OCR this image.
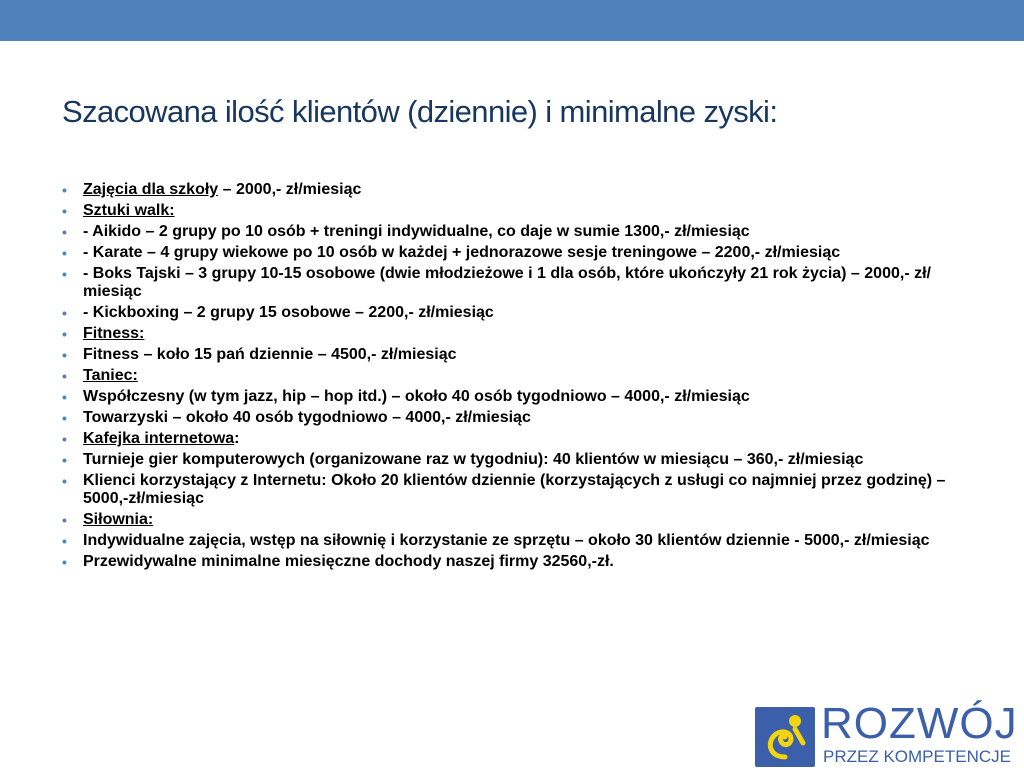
Szacowana ilość klientów (dziennie) i minimalne zyski:
•	Zajęcia dla szkoły – 2000,- zł/miesiąc
•	Sztuki walk:
•	- Aikido – 2 grupy po 10 osób + treningi indywidualne, co daje w sumie 1300,- zł/miesiąc
•	- Karate – 4 grupy wiekowe po 10 osób w każdej + jednorazowe sesje treningowe – 2200,- zł/miesiąc
•	- Boks Tajski – 3 grupy 10-15 osobowe (dwie młodzieżowe i 1 dla osób, które ukończyły 21 rok życia) – 2000,- zł/ miesiąc
•	- Kickboxing – 2 grupy 15 osobowe – 2200,- zł/miesiąc
•	Fitness:
•	Fitness – koło 15 pań dziennie – 4500,- zł/miesiąc
•	Taniec:
•	Współczesny (w tym jazz, hip – hop itd.) – około 40 osób tygodniowo – 4000,- zł/miesiąc
•	Towarzyski – około 40 osób tygodniowo – 4000,- zł/miesiąc
•	Kafejka internetowa:
•	Turnieje gier komputerowych (organizowane raz w tygodniu): 40 klientów w miesiącu – 360,- zł/miesiąc
•	Klienci korzystający z Internetu: Około 20 klientów dziennie (korzystających z usługi co najmniej przez godzinę) – 5000,-zł/miesiąc
•	Siłownia:
•	Indywidualne zajęcia, wstęp na siłownię i korzystanie ze sprzętu – około 30 klientów dziennie - 5000,- zł/miesiąc
•	Przewidywalne minimalne miesięczne dochody naszej firmy 32560,-zł.
ROZWÓJ
PRZEZ KOMPETENCJE
